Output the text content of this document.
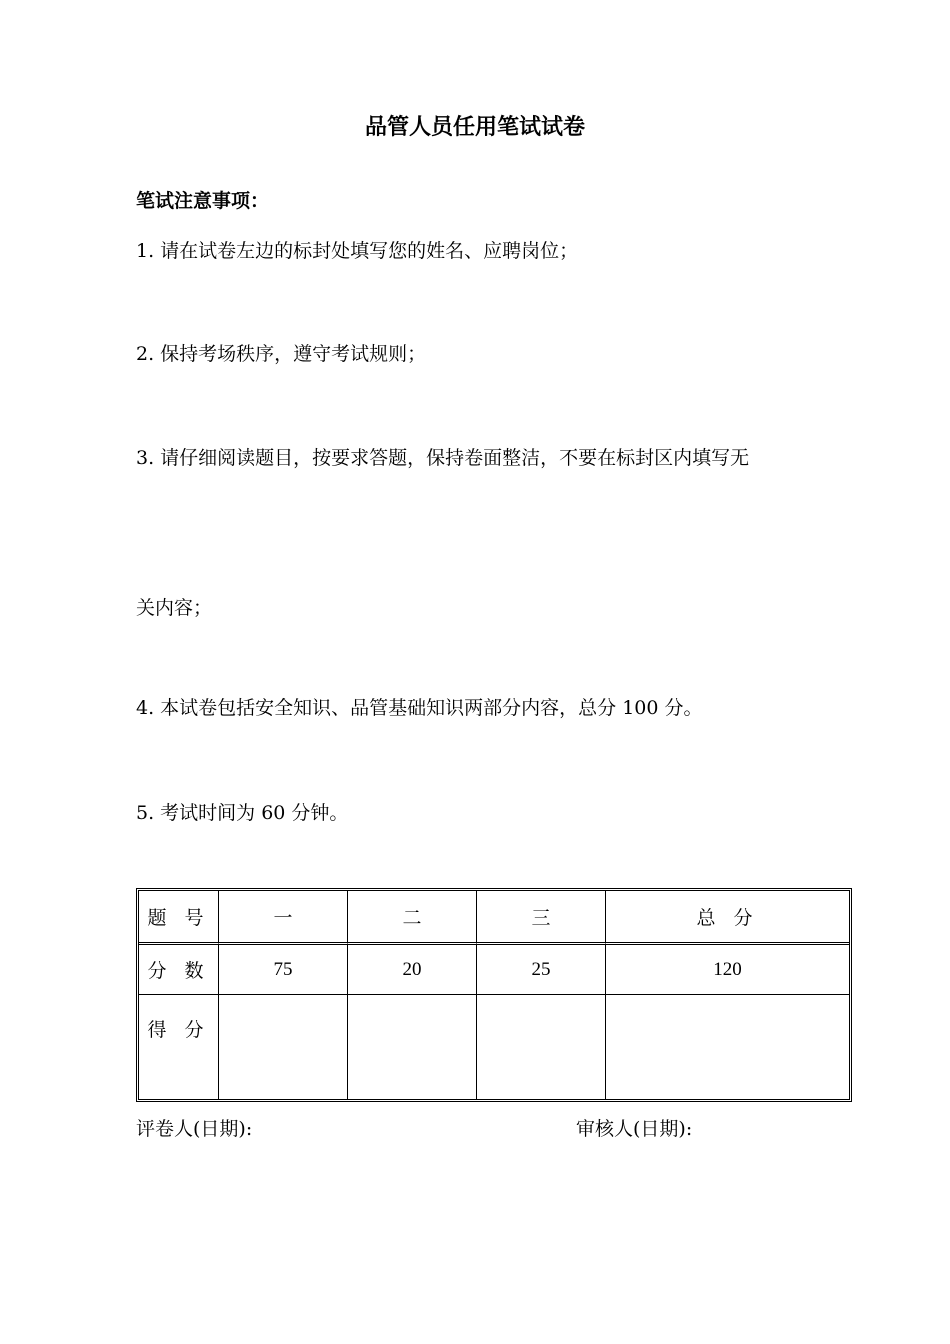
品管人员任用笔试试卷
笔试注意事项：
1. 请在试卷左边的标封处填写您的姓名、应聘岗位；
2. 保持考场秩序，遵守考试规则；
3. 请仔细阅读题目，按要求答题，保持卷面整洁，不要在标封区内填写无
关内容；
4. 本试卷包括安全知识、品管基础知识两部分内容，总分 100 分。
5. 考试时间为 60 分钟。
题 号	一	二	三	总 分
分 数	75	20	25	120
得 分				
评卷人(日期):	审核人(日期):
